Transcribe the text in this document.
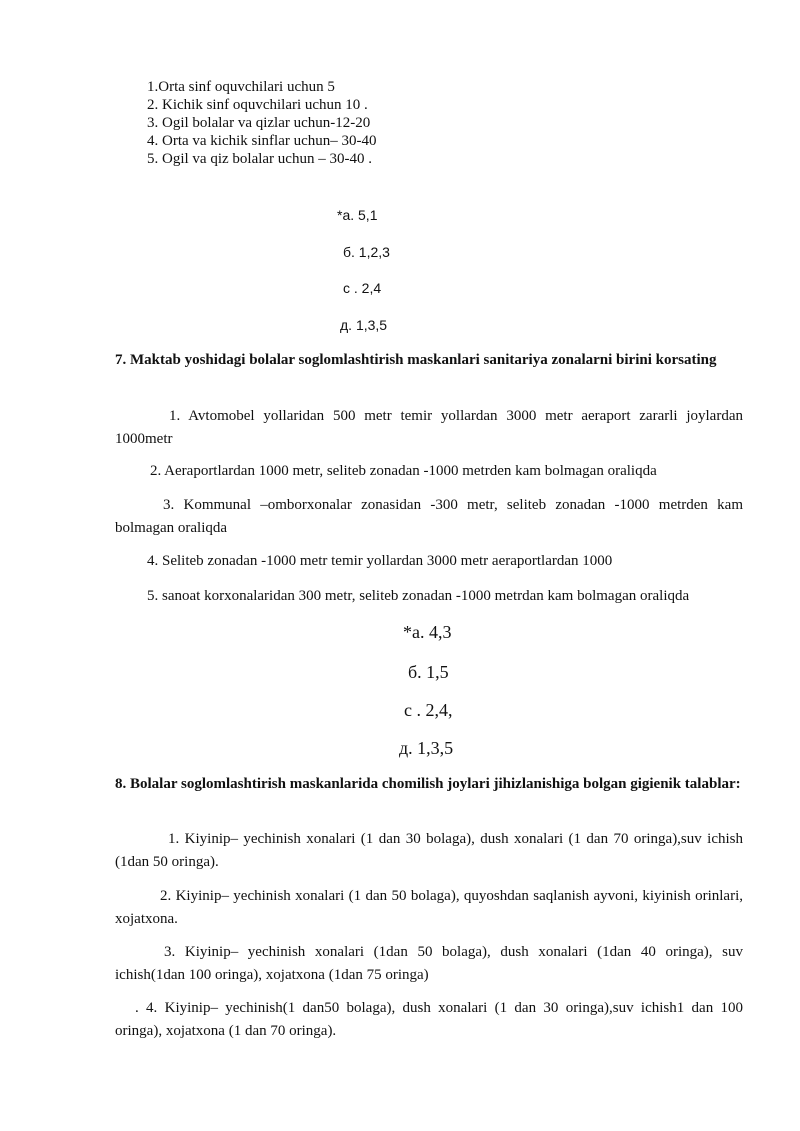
1.Orta sinf oquvchilari uchun 5
2. Kichik sinf oquvchilari uchun 10 .
3. Ogil bolalar va qizlar uchun-12-20
4. Orta va kichik sinflar uchun– 30-40
5. Ogil va qiz bolalar uchun – 30-40 .
*a. 5,1
б. 1,2,3
c . 2,4
д. 1,3,5
7. Maktab yoshidagi bolalar soglomlashtirish maskanlari sanitariya zonalarni birini korsating
1. Avtomobel yollaridan 500 metr temir yollardan 3000 metr aeraport zararli joylardan 1000metr
2. Aeraportlardan 1000 metr, seliteb zonadan -1000 metrden kam bolmagan oraliqda
3. Kommunal –omborxonalar zonasidan -300 metr, seliteb zonadan -1000 metrden kam bolmagan oraliqda
4. Seliteb zonadan -1000 metr temir yollardan 3000 metr aeraportlardan 1000
5. sanoat korxonalaridan 300 metr, seliteb zonadan -1000 metrdan kam bolmagan oraliqda
*a. 4,3
б. 1,5
c . 2,4,
д. 1,3,5
8. Bolalar soglomlashtirish maskanlarida chomilish joylari jihizlanishiga bolgan gigienik talablar:
1. Kiyinip– yechinish xonalari (1 dan 30 bolaga), dush xonalari (1 dan 70 oringa),suv ichish (1dan 50 oringa).
2. Kiyinip– yechinish xonalari (1 dan 50 bolaga), quyoshdan saqlanish ayvoni, kiyinish orinlari, xojatxona.
3. Kiyinip– yechinish xonalari (1dan 50 bolaga), dush xonalari (1dan 40 oringa), suv ichish(1dan 100 oringa), xojatxona (1dan 75 oringa)
. 4. Kiyinip– yechinish(1 dan50 bolaga), dush xonalari (1 dan 30 oringa),suv ichish1 dan 100 oringa), xojatxona (1 dan 70 oringa).
